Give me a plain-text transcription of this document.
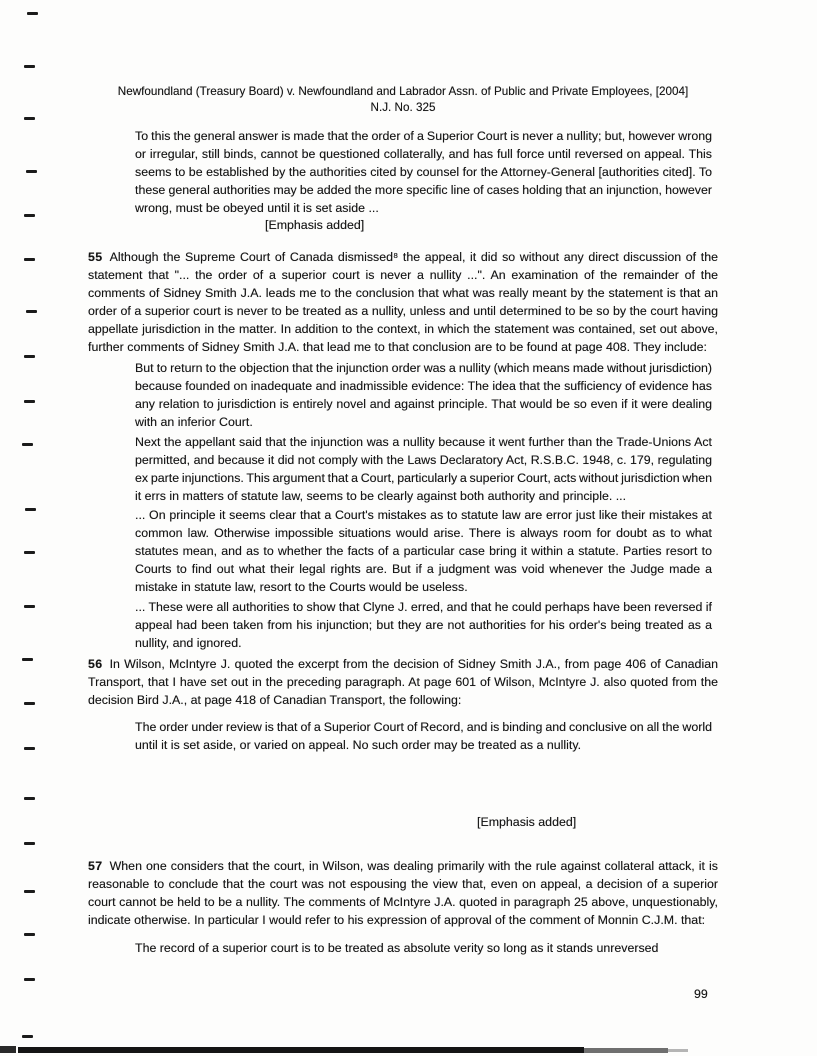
Newfoundland (Treasury Board) v. Newfoundland and Labrador Assn. of Public and Private Employees, [2004]
N.J. No. 325
To this the general answer is made that the order of a Superior Court is never a nullity; but, however wrong
or irregular, still binds, cannot be questioned collaterally, and has full force until reversed on appeal. This
seems to be established by the authorities cited by counsel for the Attorney-General [authorities cited]. To
these general authorities may be added the more specific line of cases holding that an injunction, however
wrong, must be obeyed until it is set aside ...
[Emphasis added]
55 Although the Supreme Court of Canada dismissed⁸ the appeal, it did so without any direct discussion of the
statement that "... the order of a superior court is never a nullity ...". An examination of the remainder of the
comments of Sidney Smith J.A. leads me to the conclusion that what was really meant by the statement is that an
order of a superior court is never to be treated as a nullity, unless and until determined to be so by the court having
appellate jurisdiction in the matter. In addition to the context, in which the statement was contained, set out above,
further comments of Sidney Smith J.A. that lead me to that conclusion are to be found at page 408. They include:
But to return to the objection that the injunction order was a nullity (which means made without jurisdiction)
because founded on inadequate and inadmissible evidence: The idea that the sufficiency of evidence has
any relation to jurisdiction is entirely novel and against principle. That would be so even if it were dealing
with an inferior Court.
Next the appellant said that the injunction was a nullity because it went further than the Trade-Unions Act
permitted, and because it did not comply with the Laws Declaratory Act, R.S.B.C. 1948, c. 179, regulating
ex parte injunctions. This argument that a Court, particularly a superior Court, acts without jurisdiction when
it errs in matters of statute law, seems to be clearly against both authority and principle. ...
... On principle it seems clear that a Court's mistakes as to statute law are error just like their mistakes at
common law. Otherwise impossible situations would arise. There is always room for doubt as to what
statutes mean, and as to whether the facts of a particular case bring it within a statute. Parties resort to
Courts to find out what their legal rights are. But if a judgment was void whenever the Judge made a
mistake in statute law, resort to the Courts would be useless.
... These were all authorities to show that Clyne J. erred, and that he could perhaps have been reversed if
appeal had been taken from his injunction; but they are not authorities for his order's being treated as a
nullity, and ignored.
56 In Wilson, McIntyre J. quoted the excerpt from the decision of Sidney Smith J.A., from page 406 of Canadian
Transport, that I have set out in the preceding paragraph. At page 601 of Wilson, McIntyre J. also quoted from the
decision Bird J.A., at page 418 of Canadian Transport, the following:
The order under review is that of a Superior Court of Record, and is binding and conclusive on all the world
until it is set aside, or varied on appeal. No such order may be treated as a nullity.
[Emphasis added]
57 When one considers that the court, in Wilson, was dealing primarily with the rule against collateral attack, it is
reasonable to conclude that the court was not espousing the view that, even on appeal, a decision of a superior
court cannot be held to be a nullity. The comments of McIntyre J.A. quoted in paragraph 25 above, unquestionably,
indicate otherwise. In particular I would refer to his expression of approval of the comment of Monnin C.J.M. that:
The record of a superior court is to be treated as absolute verity so long as it stands unreversed
99
